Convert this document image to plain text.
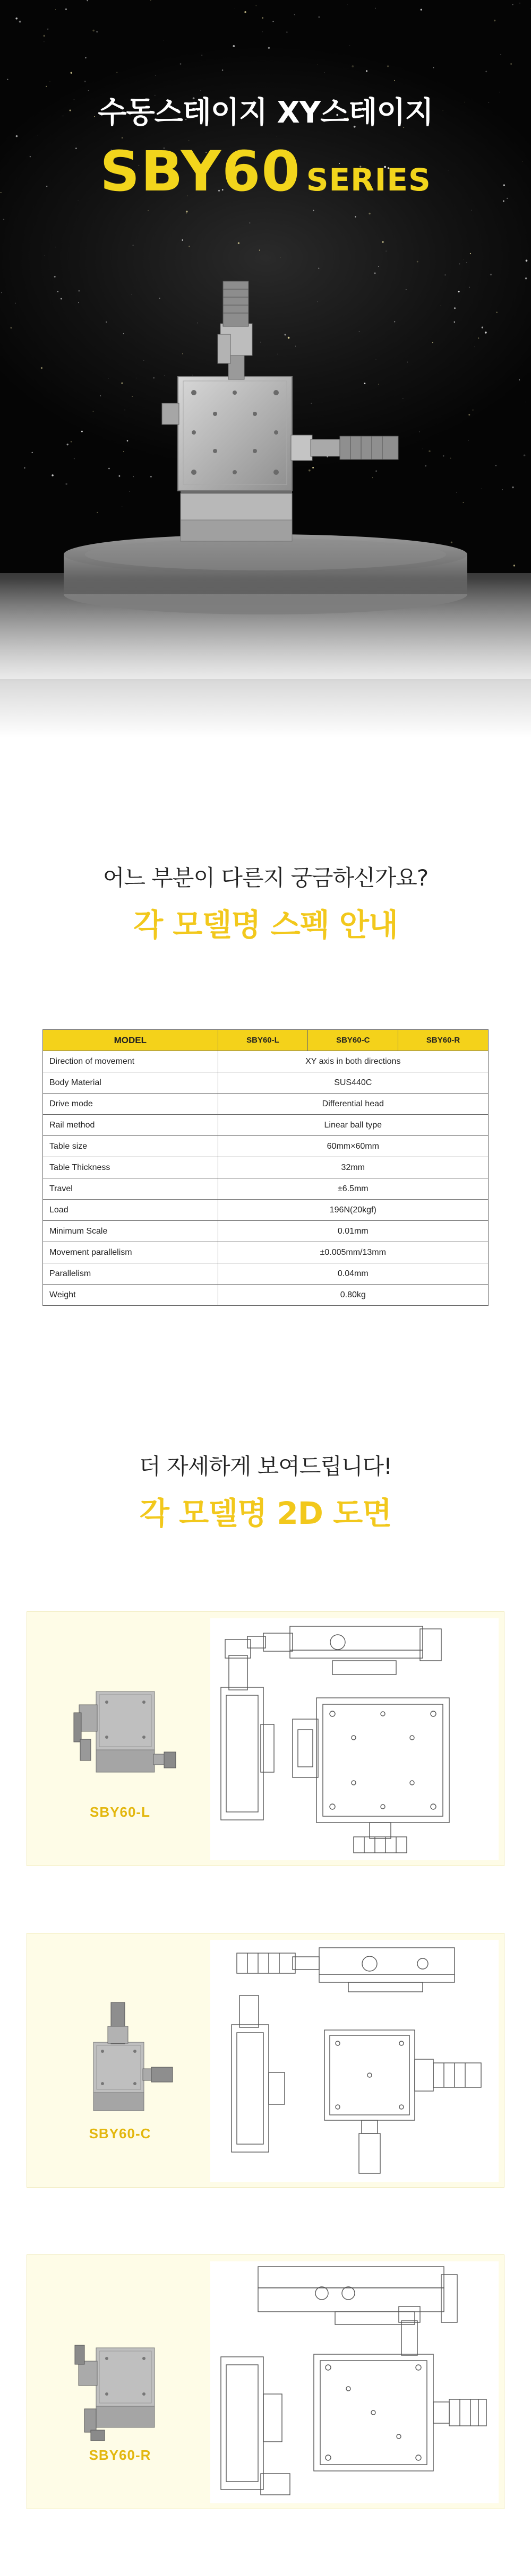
수동스테이지 XY스테이지
SBY60 SERIES
어느 부분이 다른지 궁금하신가요?
각 모델명 스펙 안내
MODEL	SBY60-L	SBY60-C	SBY60-R
Direction of movement	XY axis in both directions		
Body Material	SUS440C		
Drive mode	Differential head		
Rail method	Linear ball type		
Table size	60mm×60mm		
Table Thickness	32mm		
Travel	±6.5mm		
Load	196N(20kgf)		
Minimum Scale	0.01mm		
Movement parallelism	±0.005mm/13mm		
Parallelism	0.04mm		
Weight	0.80kg		
더 자세하게 보여드립니다!
각 모델명 2D 도면
SBY60-L
SBY60-C
SBY60-R
